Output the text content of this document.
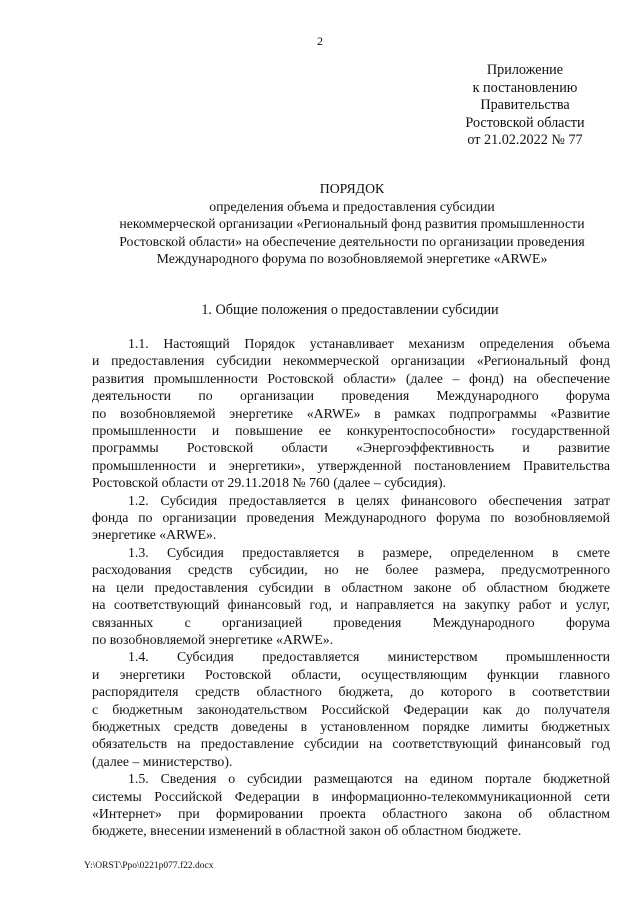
2
Приложение
к постановлению
Правительства
Ростовской области
от 21.02.2022 № 77
ПОРЯДОК
определения объема и предоставления субсидии
некоммерческой организации «Региональный фонд развития промышленности
Ростовской области» на обеспечение деятельности по организации проведения
Международного форума по возобновляемой энергетике «ARWE»
1. Общие положения о предоставлении субсидии
1.1. Настоящий Порядок устанавливает механизм определения объема
и предоставления субсидии некоммерческой организации «Региональный фонд
развития промышленности Ростовской области» (далее – фонд) на обеспечение
деятельности по организации проведения Международного форума
по возобновляемой энергетике «ARWE» в рамках подпрограммы «Развитие
промышленности и повышение ее конкурентоспособности» государственной
программы Ростовской области «Энергоэффективность и развитие
промышленности и энергетики», утвержденной постановлением Правительства
Ростовской области от 29.11.2018 № 760 (далее – субсидия).
1.2. Субсидия предоставляется в целях финансового обеспечения затрат
фонда по организации проведения Международного форума по возобновляемой
энергетике «ARWE».
1.3. Субсидия предоставляется в размере, определенном в смете
расходования средств субсидии, но не более размера, предусмотренного
на цели предоставления субсидии в областном законе об областном бюджете
на соответствующий финансовый год, и направляется на закупку работ и услуг,
связанных с организацией проведения Международного форума
по возобновляемой энергетике «ARWE».
1.4. Субсидия предоставляется министерством промышленности
и энергетики Ростовской области, осуществляющим функции главного
распорядителя средств областного бюджета, до которого в соответствии
с бюджетным законодательством Российской Федерации как до получателя
бюджетных средств доведены в установленном порядке лимиты бюджетных
обязательств на предоставление субсидии на соответствующий финансовый год
(далее – министерство).
1.5. Сведения о субсидии размещаются на едином портале бюджетной
системы Российской Федерации в информационно-телекоммуникационной сети
«Интернет» при формировании проекта областного закона об областном
бюджете, внесении изменений в областной закон об областном бюджете.
Y:\ORST\Ppo\0221p077.f22.docx
